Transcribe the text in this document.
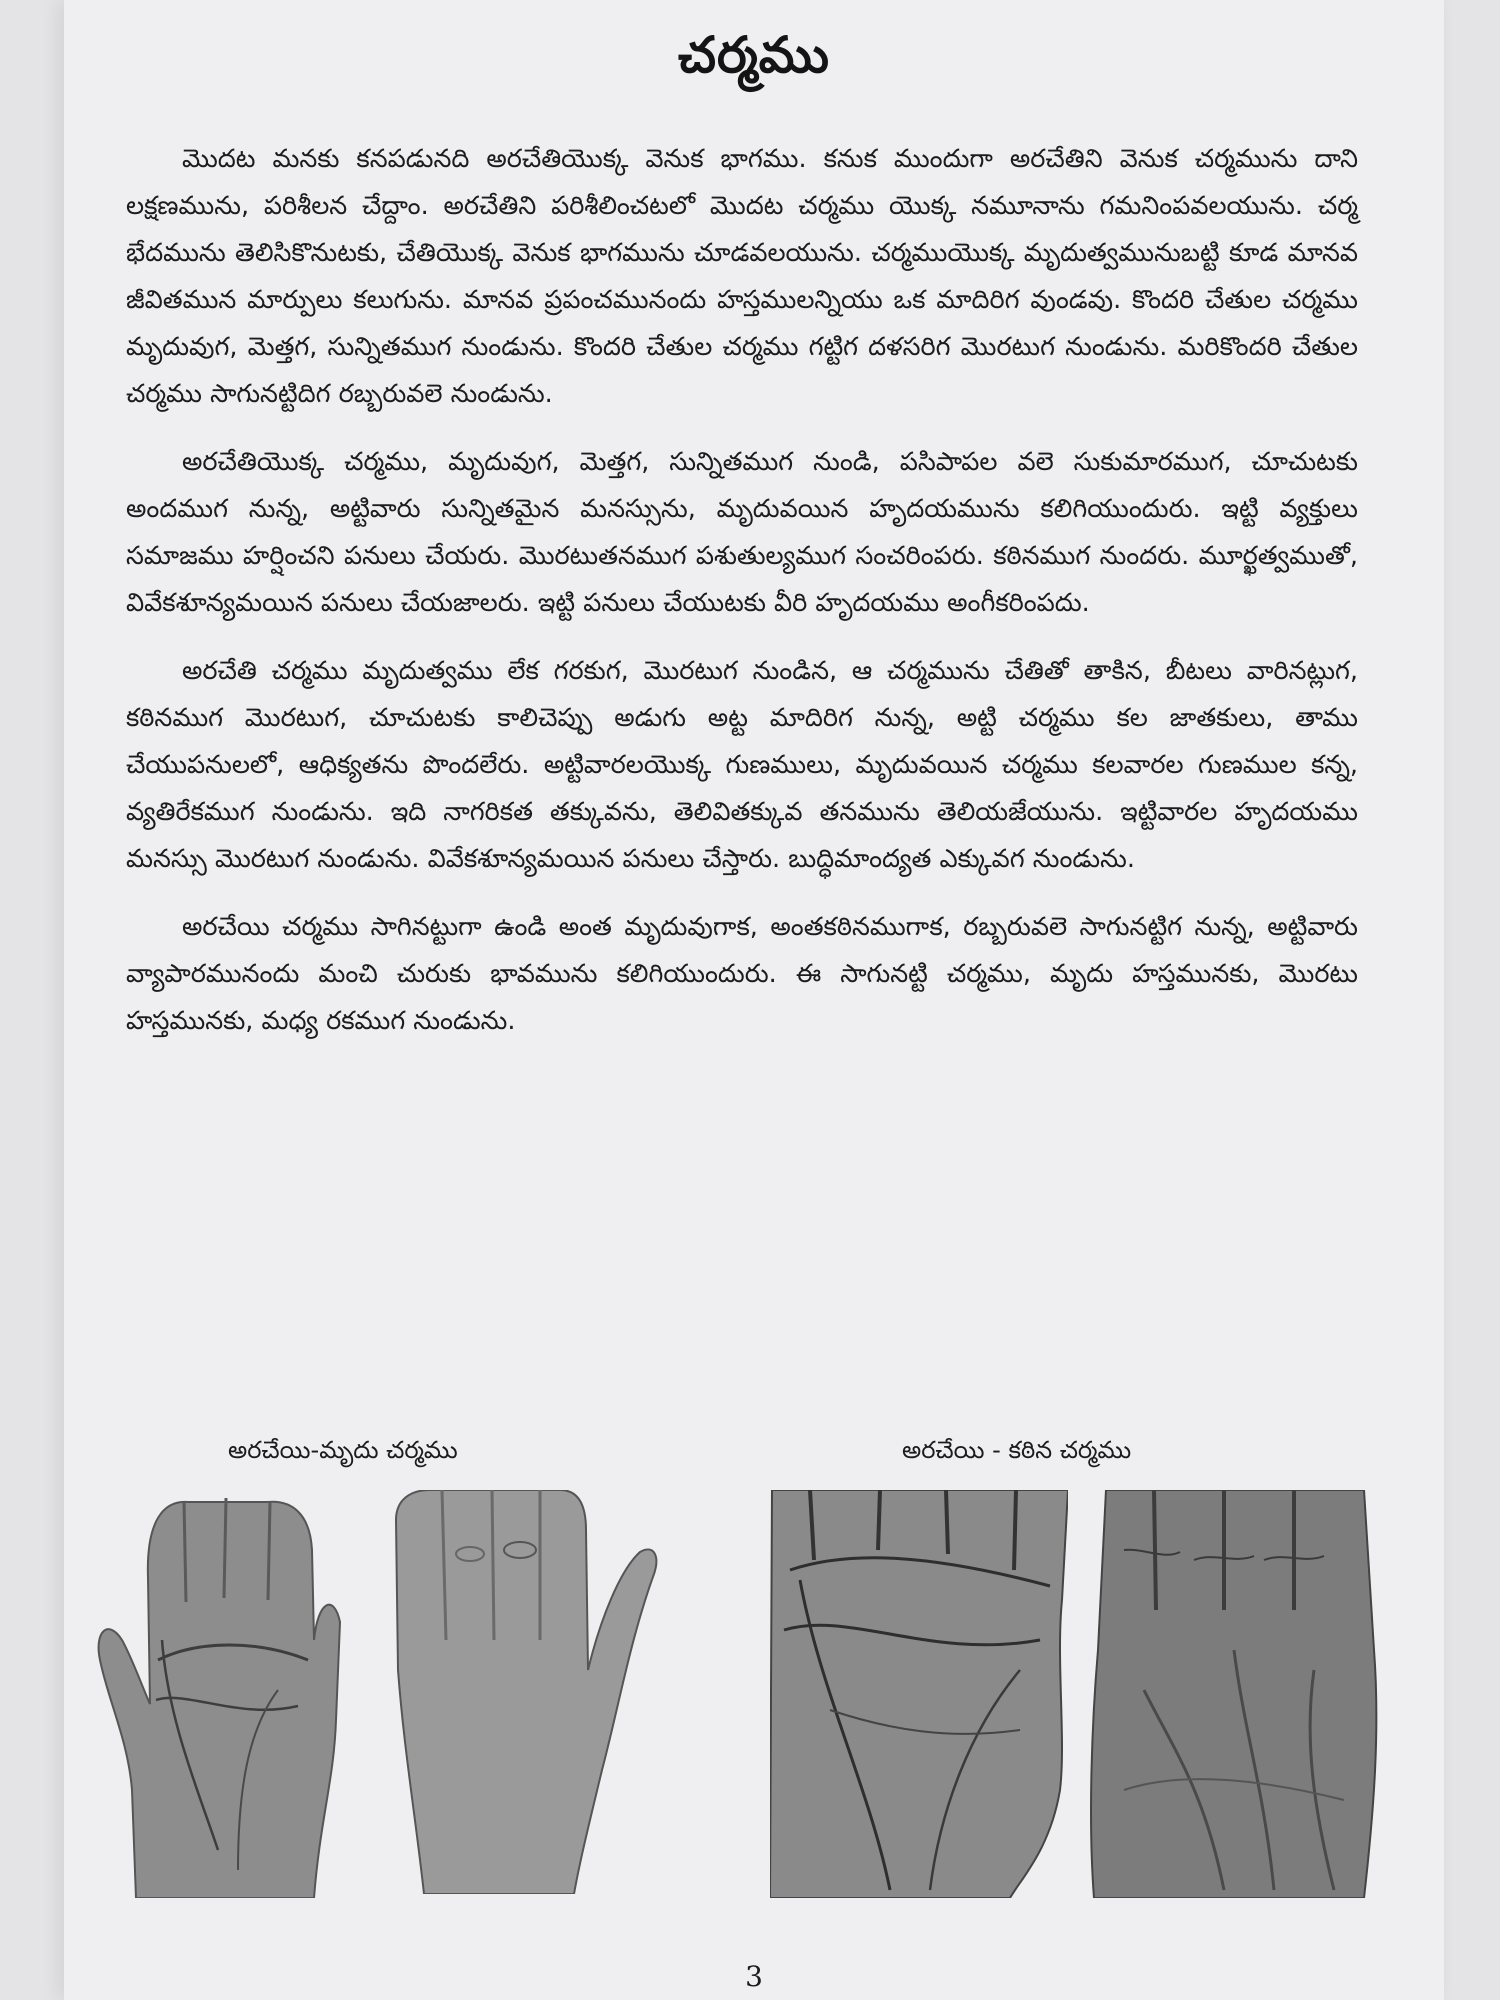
చర్మము

మొదట మనకు కనపడునది అరచేతియొక్క వెనుక భాగము. కనుక ముందుగా అరచేతిని వెనుక చర్మమును దాని లక్షణమును, పరిశీలన చేద్దాం. అరచేతిని పరిశీలించటలో మొదట చర్మము యొక్క నమూనాను గమనింపవలయును. చర్మ భేదమును తెలిసికొనుటకు, చేతియొక్క వెనుక భాగమును చూడవలయును. చర్మముయొక్క మృదుత్వమునుబట్టి కూడ మానవ జీవితమున మార్పులు కలుగును. మానవ ప్రపంచమునందు హస్తములన్నియు ఒక మాదిరిగ వుండవు. కొందరి చేతుల చర్మము మృదువుగ, మెత్తగ, సున్నితముగ నుండును. కొందరి చేతుల చర్మము గట్టిగ దళసరిగ మొరటుగ నుండును. మరికొందరి చేతుల చర్మము సాగునట్టిదిగ రబ్బరువలె నుండును.

అరచేతియొక్క చర్మము, మృదువుగ, మెత్తగ, సున్నితముగ నుండి, పసిపాపల వలె సుకుమారముగ, చూచుటకు అందముగ నున్న, అట్టివారు సున్నితమైన మనస్సును, మృదువయిన హృదయమును కలిగియుందురు. ఇట్టి వ్యక్తులు సమాజము హర్షించని పనులు చేయరు. మొరటుతనముగ పశుతుల్యముగ సంచరింపరు. కఠినముగ నుందరు. మూర్ఖత్వముతో, వివేకశూన్యమయిన పనులు చేయజాలరు. ఇట్టి పనులు చేయుటకు వీరి హృదయము అంగీకరింపదు.

అరచేతి చర్మము మృదుత్వము లేక గరకుగ, మొరటుగ నుండిన, ఆ చర్మమును చేతితో తాకిన, బీటలు వారినట్లుగ, కఠినముగ మొరటుగ, చూచుటకు కాలిచెప్పు అడుగు అట్ట మాదిరిగ నున్న, అట్టి చర్మము కల జాతకులు, తాము చేయుపనులలో, ఆధిక్యతను పొందలేరు. అట్టివారలయొక్క గుణములు, మృదువయిన చర్మము కలవారల గుణముల కన్న, వ్యతిరేకముగ నుండును. ఇది నాగరికత తక్కువను, తెలివితక్కువ తనమును తెలియజేయును. ఇట్టివారల హృదయము మనస్సు మొరటుగ నుండును. వివేకశూన్యమయిన పనులు చేస్తారు. బుద్ధిమాంద్యత ఎక్కువగ నుండును.

అరచేయి చర్మము సాగినట్టుగా ఉండి అంత మృదువుగాక, అంతకఠినముగాక, రబ్బరువలె సాగునట్టిగ నున్న, అట్టివారు వ్యాపారమునందు మంచి చురుకు భావమును కలిగియుందురు. ఈ సాగునట్టి చర్మము, మృదు హస్తమునకు, మొరటు హస్తమునకు, మధ్య రకముగ నుండును.

అరచేయి-మృదు చర్మము	అరచేయి - కఠిన చర్మము
3
